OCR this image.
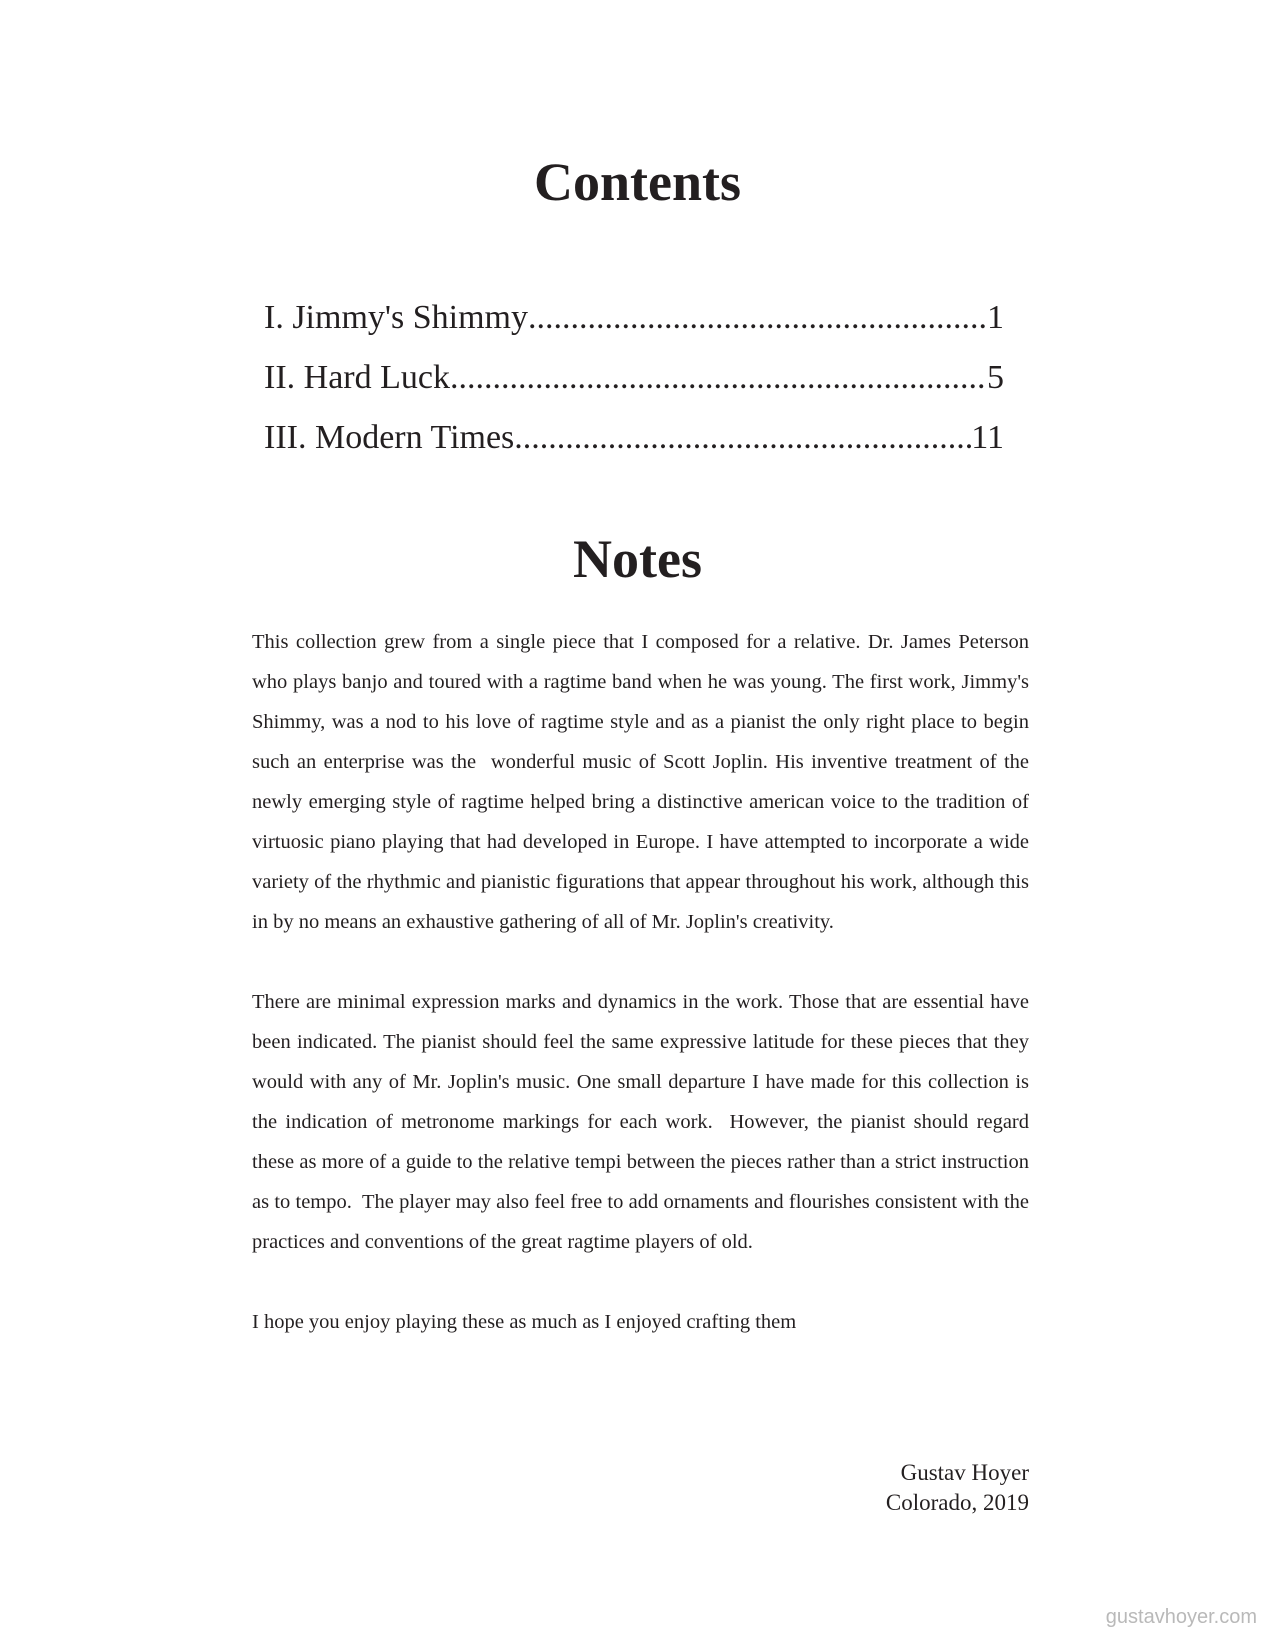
Contents
I. Jimmy's Shimmy .....	1
II. Hard Luck .....	5
III. Modern Times .....	11
Notes

This collection grew from a single piece that I composed for a relative. Dr. James Peterson who plays banjo and toured with a ragtime band when he was young. The first work, Jimmy's Shimmy, was a nod to his love of ragtime style and as a pianist the only right place to begin such an enterprise was the  wonderful music of Scott Joplin. His inventive treatment of the newly emerging style of ragtime helped bring a distinctive american voice to the tradition of virtuosic piano playing that had developed in Europe. I have attempted to incorporate a wide variety of the rhythmic and pianistic figurations that appear throughout his work, although this in by no means an exhaustive gathering of all of Mr. Joplin's creativity.

There are minimal expression marks and dynamics in the work. Those that are essential have been indicated. The pianist should feel the same expressive latitude for these pieces that they would with any of Mr. Joplin's music. One small departure I have made for this collection is the indication of metronome markings for each work.  However, the pianist should regard these as more of a guide to the relative tempi between the pieces rather than a strict instruction as to tempo.  The player may also feel free to add ornaments and flourishes consistent with the practices and conventions of the great ragtime players of old.

I hope you enjoy playing these as much as I enjoyed crafting them

Gustav Hoyer
Colorado, 2019
gustavhoyer.com
